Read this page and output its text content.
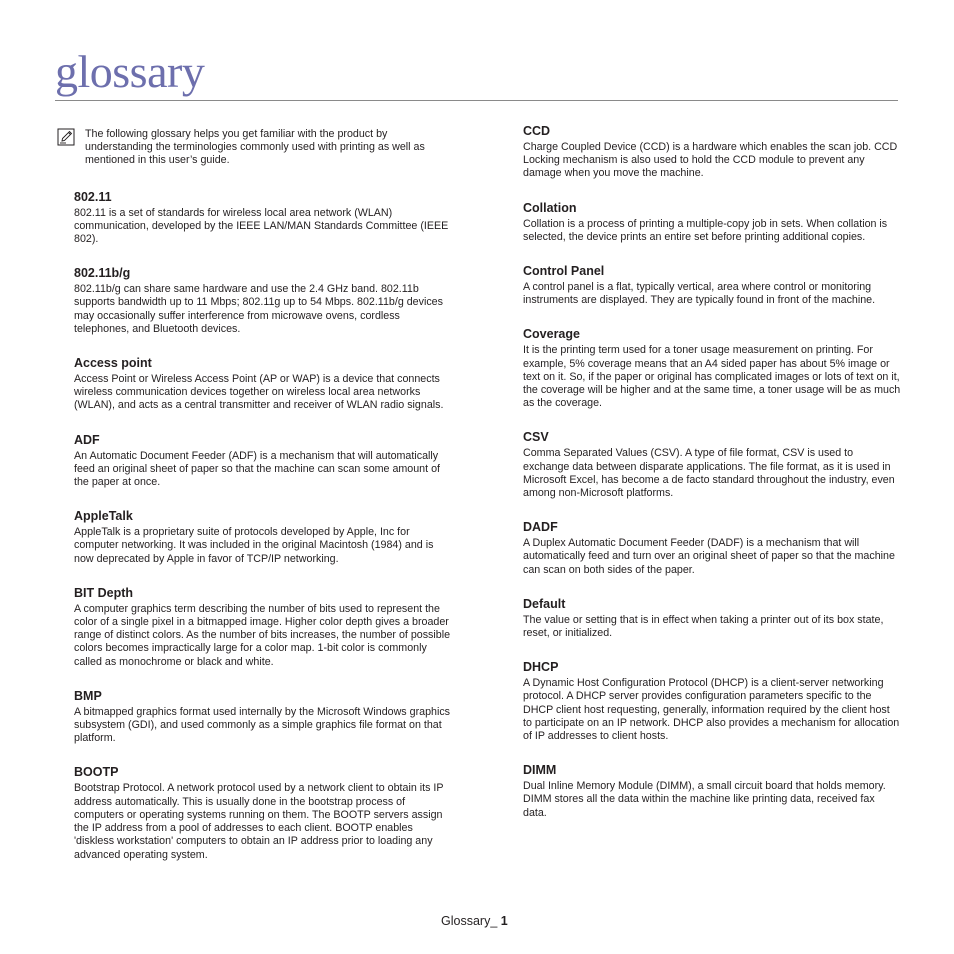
glossary

The following glossary helps you get familiar with the product by understanding the terminologies commonly used with printing as well as mentioned in this user’s guide.

802.11

802.11 is a set of standards for wireless local area network (WLAN) communication, developed by the IEEE LAN/MAN Standards Committee (IEEE 802).

802.11b/g

802.11b/g can share same hardware and use the 2.4 GHz band. 802.11b supports bandwidth up to 11 Mbps; 802.11g up to 54 Mbps. 802.11b/g devices may occasionally suffer interference from microwave ovens, cordless telephones, and Bluetooth devices.

Access point

Access Point or Wireless Access Point (AP or WAP) is a device that connects wireless communication devices together on wireless local area networks (WLAN), and acts as a central transmitter and receiver of WLAN radio signals.

ADF

An Automatic Document Feeder (ADF) is a mechanism that will automatically feed an original sheet of paper so that the machine can scan some amount of the paper at once.

AppleTalk

AppleTalk is a proprietary suite of protocols developed by Apple, Inc for computer networking. It was included in the original Macintosh (1984) and is now deprecated by Apple in favor of TCP/IP networking.

BIT Depth

A computer graphics term describing the number of bits used to represent the color of a single pixel in a bitmapped image. Higher color depth gives a broader range of distinct colors. As the number of bits increases, the number of possible colors becomes impractically large for a color map. 1-bit color is commonly called as monochrome or black and white.

BMP

A bitmapped graphics format used internally by the Microsoft Windows graphics subsystem (GDI), and used commonly as a simple graphics file format on that platform.

BOOTP

Bootstrap Protocol. A network protocol used by a network client to obtain its IP address automatically. This is usually done in the bootstrap process of computers or operating systems running on them. The BOOTP servers assign the IP address from a pool of addresses to each client. BOOTP enables 'diskless workstation' computers to obtain an IP address prior to loading any advanced operating system.

CCD

Charge Coupled Device (CCD) is a hardware which enables the scan job. CCD Locking mechanism is also used to hold the CCD module to prevent any damage when you move the machine.

Collation

Collation is a process of printing a multiple-copy job in sets. When collation is selected, the device prints an entire set before printing additional copies.

Control Panel

A control panel is a flat, typically vertical, area where control or monitoring instruments are displayed. They are typically found in front of the machine.

Coverage

It is the printing term used for a toner usage measurement on printing. For example, 5% coverage means that an A4 sided paper has about 5% image or text on it. So, if the paper or original has complicated images or lots of text on it, the coverage will be higher and at the same time, a toner usage will be as much as the coverage.

CSV

Comma Separated Values (CSV). A type of file format, CSV is used to exchange data between disparate applications. The file format, as it is used in Microsoft Excel, has become a de facto standard throughout the industry, even among non-Microsoft platforms.

DADF

A Duplex Automatic Document Feeder (DADF) is a mechanism that will automatically feed and turn over an original sheet of paper so that the machine can scan on both sides of the paper.

Default

The value or setting that is in effect when taking a printer out of its box state, reset, or initialized.

DHCP

A Dynamic Host Configuration Protocol (DHCP) is a client-server networking protocol. A DHCP server provides configuration parameters specific to the DHCP client host requesting, generally, information required by the client host to participate on an IP network. DHCP also provides a mechanism for allocation of IP addresses to client hosts.

DIMM

Dual Inline Memory Module (DIMM), a small circuit board that holds memory. DIMM stores all the data within the machine like printing data, received fax data.

Glossary_ 1
